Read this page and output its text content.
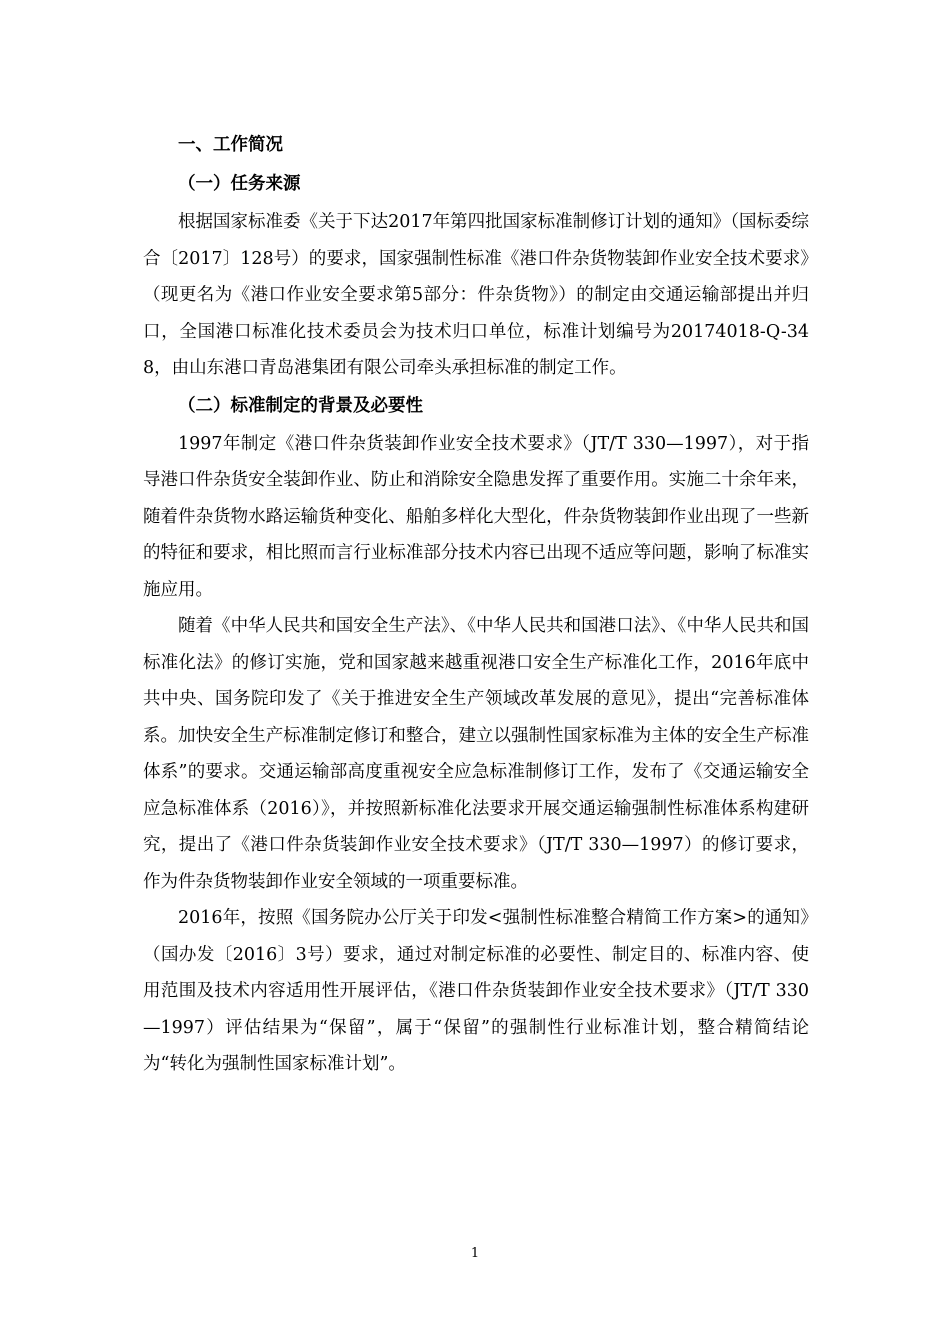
一、工作简况
（一）任务来源

根据国家标准委《关于下达2017年第四批国家标准制修订计划的通知》（国标委综合〔2017〕128号）的要求，国家强制性标准《港口件杂货物装卸作业安全技术要求》（现更名为《港口作业安全要求第5部分：件杂货物》）的制定由交通运输部提出并归口，全国港口标准化技术委员会为技术归口单位，标准计划编号为20174018-Q-348，由山东港口青岛港集团有限公司牵头承担标准的制定工作。

（二）标准制定的背景及必要性

1997年制定《港口件杂货装卸作业安全技术要求》（JT/T 330—1997），对于指导港口件杂货安全装卸作业、防止和消除安全隐患发挥了重要作用。实施二十余年来，随着件杂货物水路运输货种变化、船舶多样化大型化，件杂货物装卸作业出现了一些新的特征和要求，相比照而言行业标准部分技术内容已出现不适应等问题，影响了标准实施应用。

随着《中华人民共和国安全生产法》、《中华人民共和国港口法》、《中华人民共和国标准化法》的修订实施，党和国家越来越重视港口安全生产标准化工作，2016年底中共中央、国务院印发了《关于推进安全生产领域改革发展的意见》，提出“完善标准体系。加快安全生产标准制定修订和整合，建立以强制性国家标准为主体的安全生产标准体系”的要求。交通运输部高度重视安全应急标准制修订工作，发布了《交通运输安全应急标准体系（2016）》，并按照新标准化法要求开展交通运输强制性标准体系构建研究，提出了《港口件杂货装卸作业安全技术要求》（JT/T 330—1997）的修订要求，作为件杂货物装卸作业安全领域的一项重要标准。

2016年，按照《国务院办公厅关于印发<强制性标准整合精简工作方案>的通知》（国办发〔2016〕3号）要求，通过对制定标准的必要性、制定目的、标准内容、使用范围及技术内容适用性开展评估，《港口件杂货装卸作业安全技术要求》（JT/T 330—1997）评估结果为“保留”，属于“保留”的强制性行业标准计划，整合精简结论为“转化为强制性国家标准计划”。

1
